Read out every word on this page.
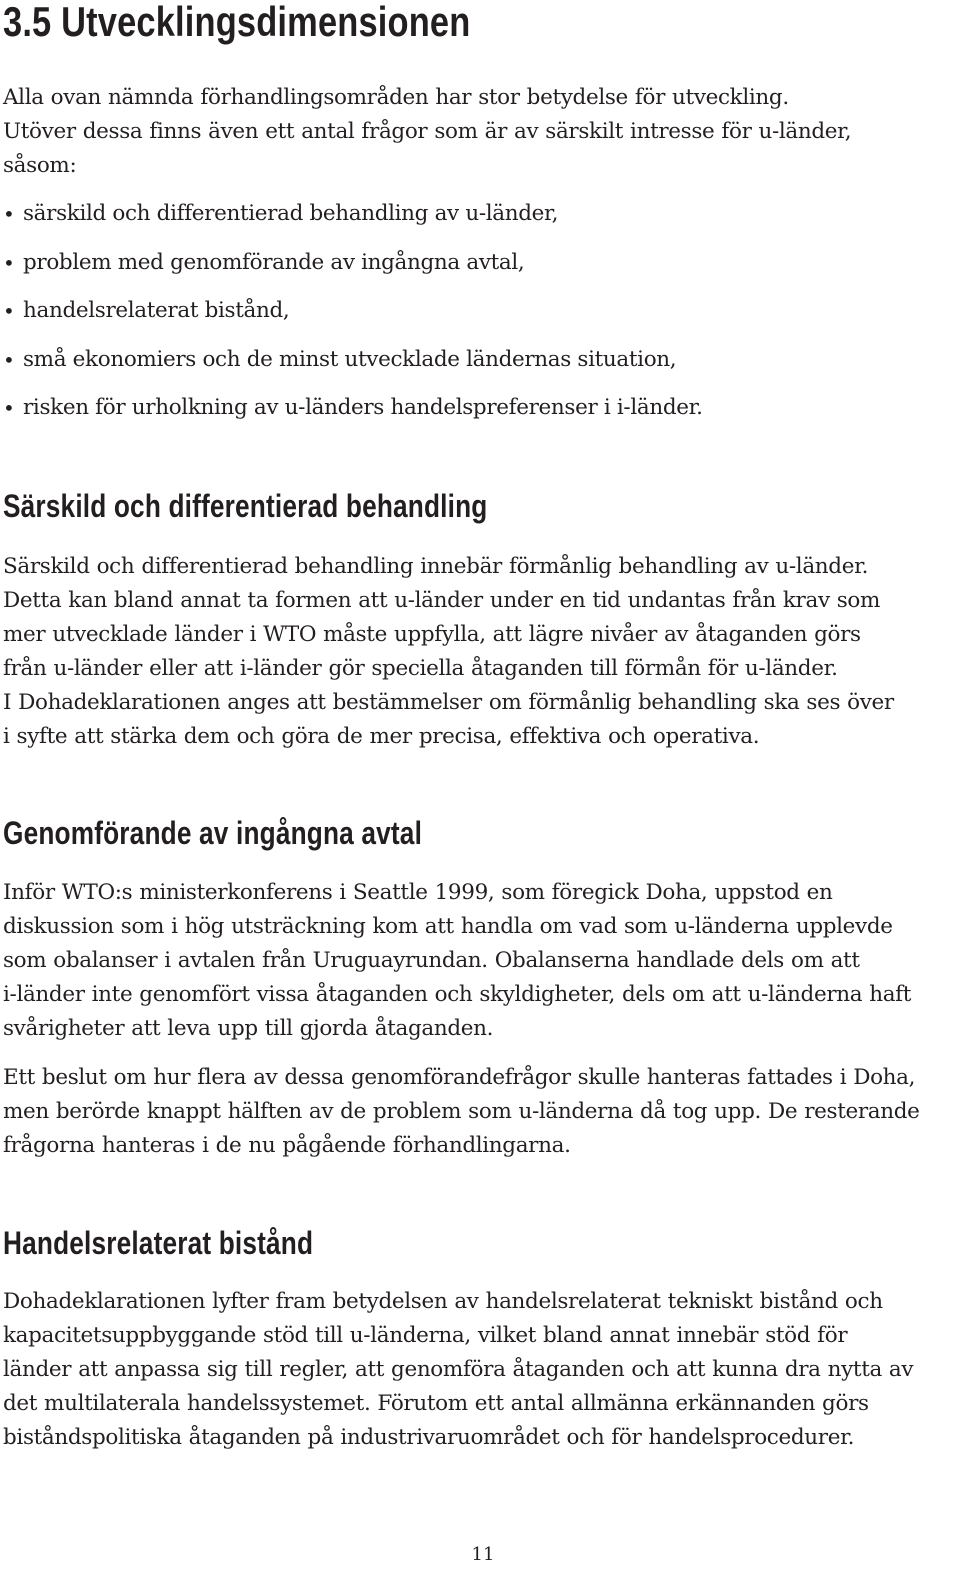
3.5 Utvecklingsdimensionen

Alla ovan nämnda förhandlingsområden har stor betydelse för utveckling.
Utöver dessa finns även ett antal frågor som är av särskilt intresse för u-länder,
såsom:

• särskild och differentierad behandling av u-länder,
• problem med genomförande av ingångna avtal,
• handelsrelaterat bistånd,
• små ekonomiers och de minst utvecklade ländernas situation,
• risken för urholkning av u-länders handelspreferenser i i-länder.
Särskild och differentierad behandling

Särskild och differentierad behandling innebär förmånlig behandling av u-länder.
Detta kan bland annat ta formen att u-länder under en tid undantas från krav som
mer utvecklade länder i WTO måste uppfylla, att lägre nivåer av åtaganden görs
från u-länder eller att i-länder gör speciella åtaganden till förmån för u-länder.
I Dohadeklarationen anges att bestämmelser om förmånlig behandling ska ses över
i syfte att stärka dem och göra de mer precisa, effektiva och operativa.

Genomförande av ingångna avtal

Inför WTO:s ministerkonferens i Seattle 1999, som föregick Doha, uppstod en
diskussion som i hög utsträckning kom att handla om vad som u-länderna upplevde
som obalanser i avtalen från Uruguayrundan. Obalanserna handlade dels om att
i-länder inte genomfört vissa åtaganden och skyldigheter, dels om att u-länderna haft
svårigheter att leva upp till gjorda åtaganden.

Ett beslut om hur flera av dessa genomförandefrågor skulle hanteras fattades i Doha,
men berörde knappt hälften av de problem som u-länderna då tog upp. De resterande
frågorna hanteras i de nu pågående förhandlingarna.

Handelsrelaterat bistånd

Dohadeklarationen lyfter fram betydelsen av handelsrelaterat tekniskt bistånd och
kapacitetsuppbyggande stöd till u-länderna, vilket bland annat innebär stöd för
länder att anpassa sig till regler, att genomföra åtaganden och att kunna dra nytta av
det multilaterala handelssystemet. Förutom ett antal allmänna erkännanden görs
biståndspolitiska åtaganden på industrivaruområdet och för handelsprocedurer.

11
